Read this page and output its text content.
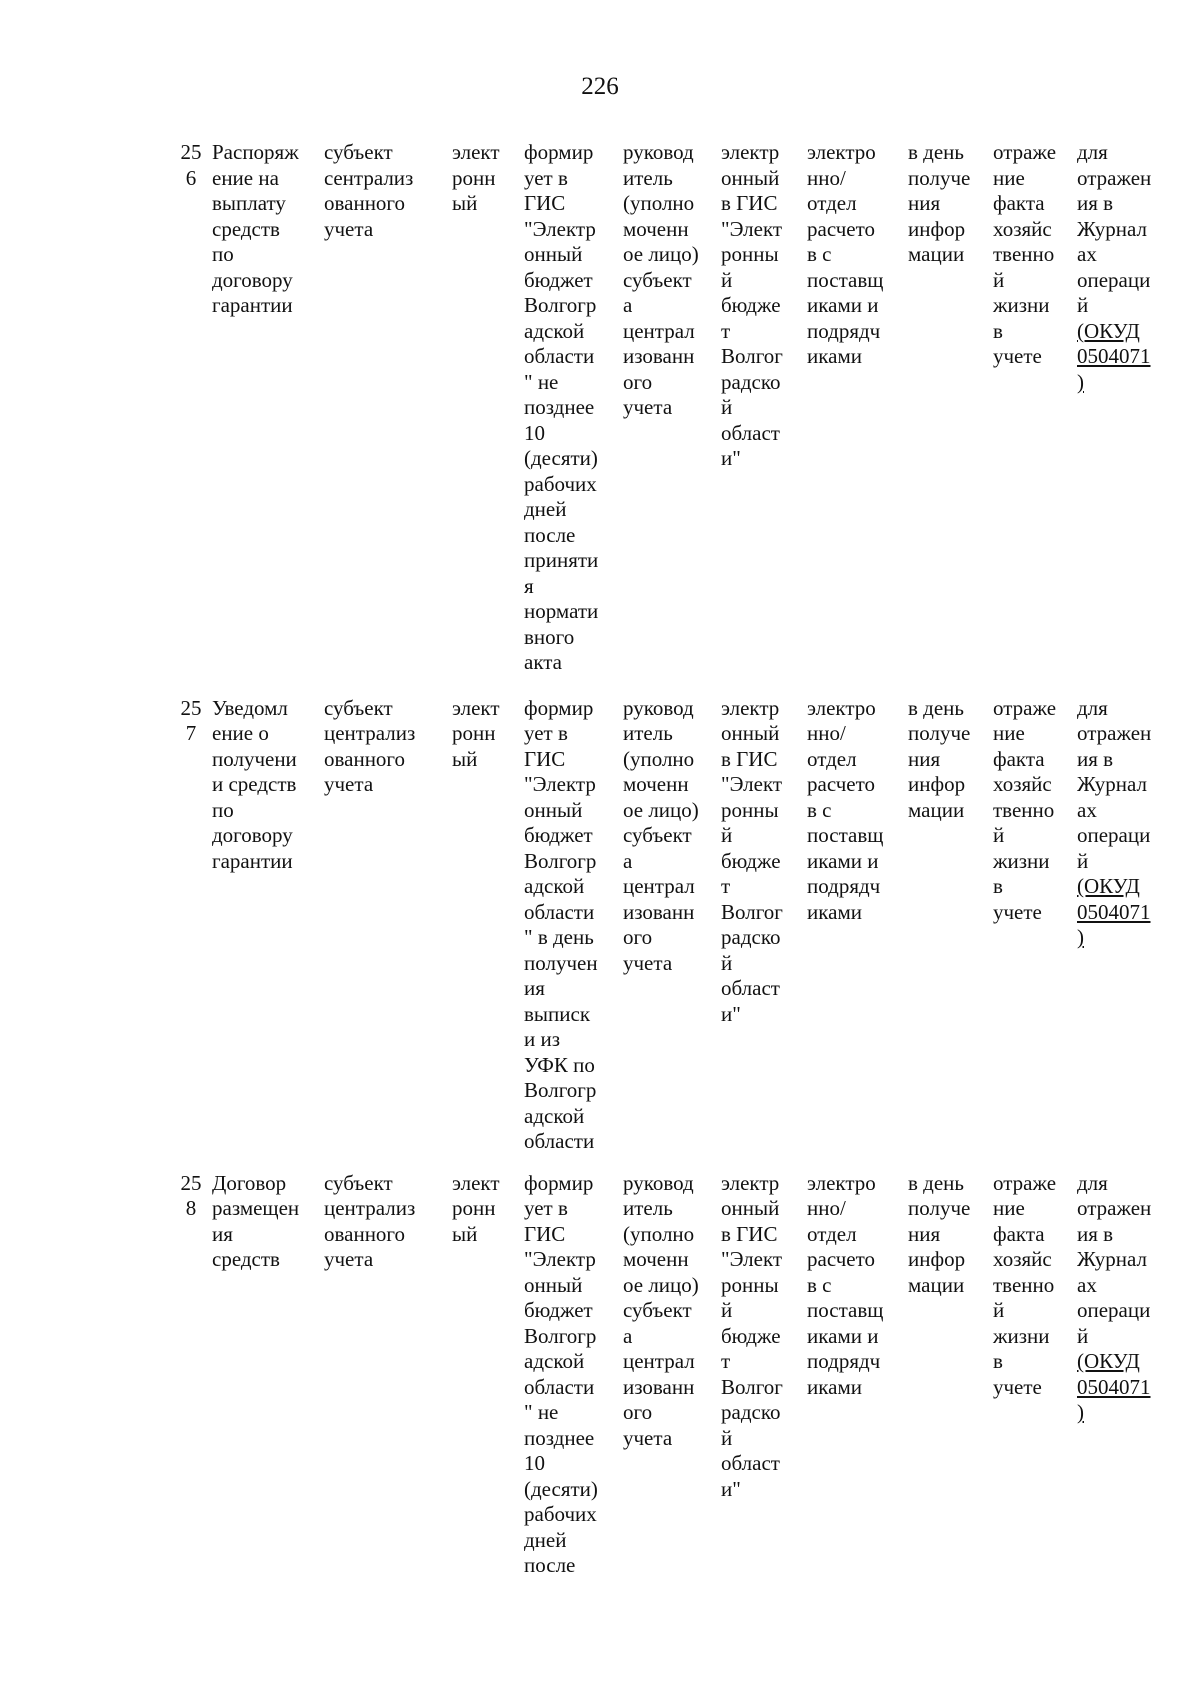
226
25
6
Распоряж
ение на
выплату
средств
по
договору
гарантии
субъект
cентрализ
ованного
учета
элект
ронн
ый
формир
ует в
ГИС
"Электр
онный
бюджет
Волгогр
адской
области
" не
позднее
10
(десяти)
рабочих
дней
после
приняти
я
нормати
вного
акта
руковод
итель
(уполно
моченн
ое лицо)
субъект
а
централ
изованн
ого
учета
электр
онный
в ГИС
"Элект
ронны
й
бюдже
т
Волгог
радско
й
област
и"
электро
нно/
отдел
расчето
в с
поставщ
иками и
подрядч
иками
в день
получе
ния
инфор
мации
отраже
ние
факта
хозяйс
твенно
й
жизни
в
учете
для
отражен
ия в
Журнал
ах
операци
й
(ОКУД
0504071
)
25
7
Уведомл
ение о
получени
и средств
по
договору
гарантии
субъект
централиз
ованного
учета
элект
ронн
ый
формир
ует в
ГИС
"Электр
онный
бюджет
Волгогр
адской
области
" в день
получен
ия
выписк
и из
УФК по
Волгогр
адской
области
руковод
итель
(уполно
моченн
ое лицо)
субъект
а
централ
изованн
ого
учета
электр
онный
в ГИС
"Элект
ронны
й
бюдже
т
Волгог
радско
й
област
и"
электро
нно/
отдел
расчето
в с
поставщ
иками и
подрядч
иками
в день
получе
ния
инфор
мации
отраже
ние
факта
хозяйс
твенно
й
жизни
в
учете
для
отражен
ия в
Журнал
ах
операци
й
(ОКУД
0504071
)
25
8
Договор
размещен
ия
средств
субъект
централиз
ованного
учета
элект
ронн
ый
формир
ует в
ГИС
"Электр
онный
бюджет
Волгогр
адской
области
" не
позднее
10
(десяти)
рабочих
дней
после
руковод
итель
(уполно
моченн
ое лицо)
субъект
а
централ
изованн
ого
учета
электр
онный
в ГИС
"Элект
ронны
й
бюдже
т
Волгог
радско
й
област
и"
электро
нно/
отдел
расчето
в с
поставщ
иками и
подрядч
иками
в день
получе
ния
инфор
мации
отраже
ние
факта
хозяйс
твенно
й
жизни
в
учете
для
отражен
ия в
Журнал
ах
операци
й
(ОКУД
0504071
)
